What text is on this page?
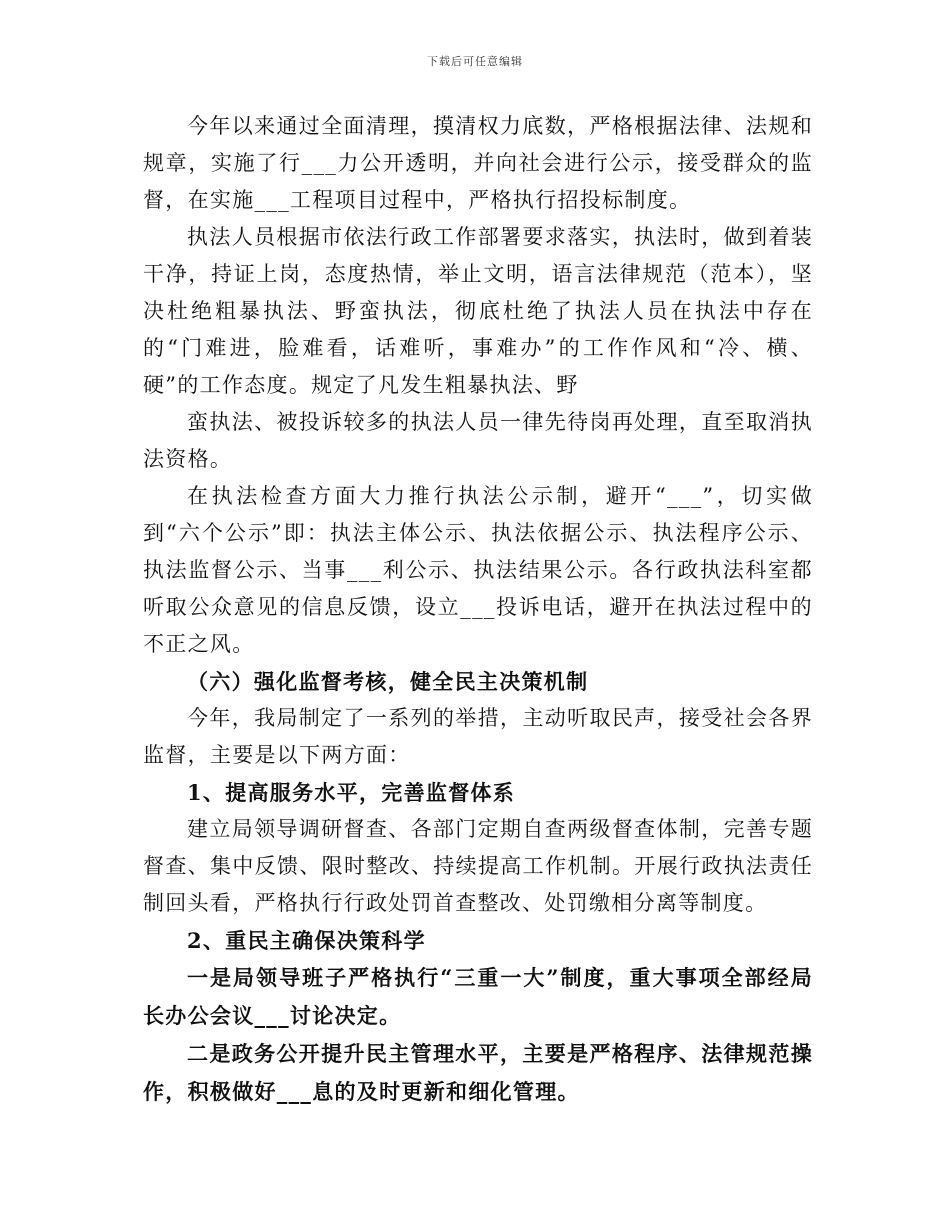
下载后可任意编辑

今年以来通过全面清理，摸清权力底数，严格根据法律、法规和规章，实施了行___力公开透明，并向社会进行公示，接受群众的监督，在实施___工程项目过程中，严格执行招投标制度。

执法人员根据市依法行政工作部署要求落实，执法时，做到着装干净，持证上岗，态度热情，举止文明，语言法律规范（范本），坚决杜绝粗暴执法、野蛮执法，彻底杜绝了执法人员在执法中存在的“门难进，脸难看，话难听，事难办”的工作作风和“冷、横、硬”的工作态度。规定了凡发生粗暴执法、野

蛮执法、被投诉较多的执法人员一律先待岗再处理，直至取消执法资格。

在执法检查方面大力推行执法公示制，避开“___”，切实做到“六个公示”即：执法主体公示、执法依据公示、执法程序公示、执法监督公示、当事___利公示、执法结果公示。各行政执法科室都听取公众意见的信息反馈，设立___投诉电话，避开在执法过程中的不正之风。

（六）强化监督考核，健全民主决策机制

今年，我局制定了一系列的举措，主动听取民声，接受社会各界监督，主要是以下两方面：

1、提高服务水平，完善监督体系

建立局领导调研督查、各部门定期自查两级督查体制，完善专题督查、集中反馈、限时整改、持续提高工作机制。开展行政执法责任制回头看，严格执行行政处罚首查整改、处罚缴相分离等制度。

2、重民主确保决策科学

一是局领导班子严格执行“三重一大”制度，重大事项全部经局长办公会议___讨论决定。

二是政务公开提升民主管理水平，主要是严格程序、法律规范操作，积极做好___息的及时更新和细化管理。
